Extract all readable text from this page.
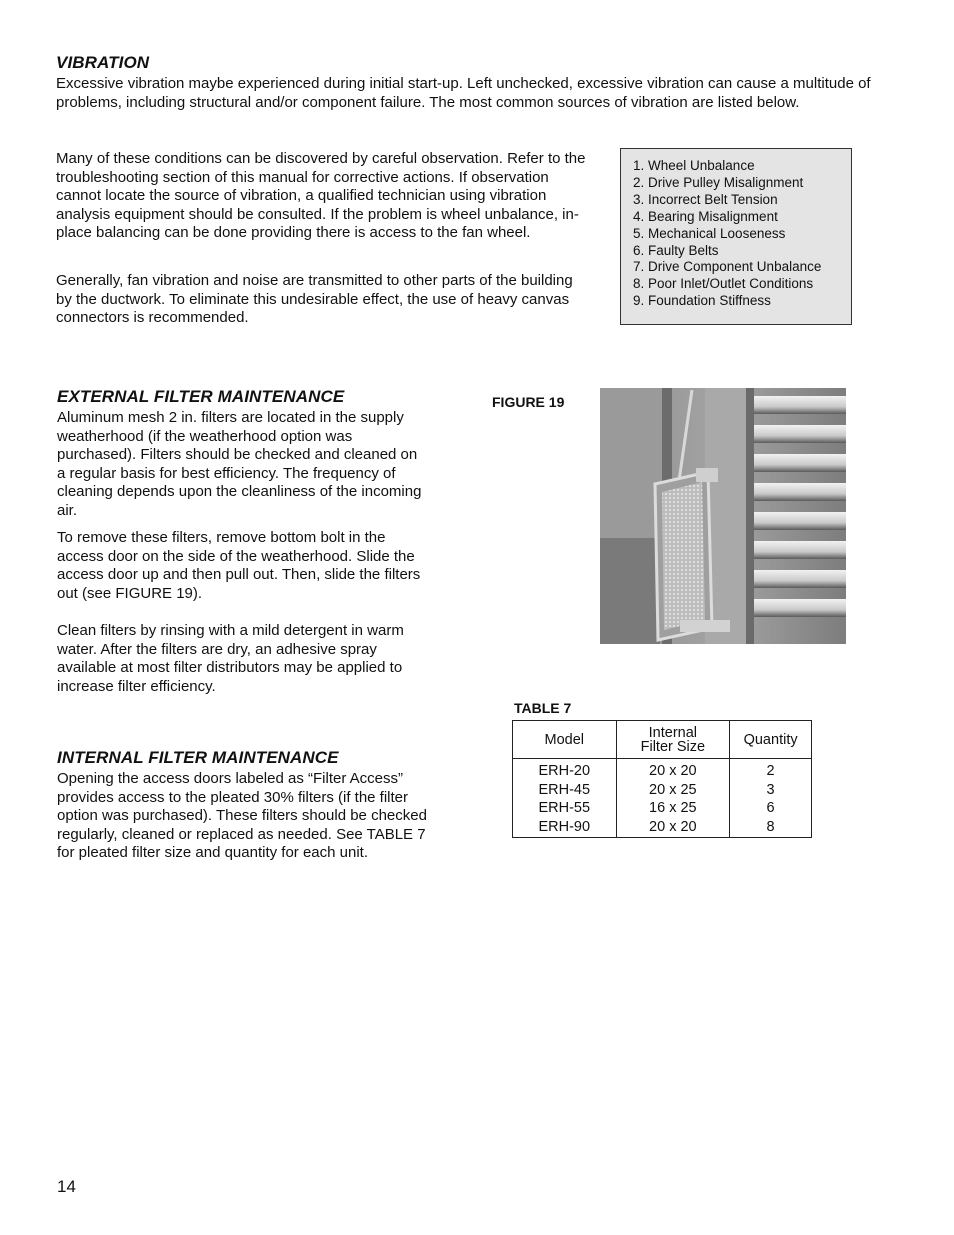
VIBRATION

Excessive vibration maybe experienced during initial start-up. Left unchecked, excessive vibration can cause a multitude of problems, including structural and/or component failure. The most common sources of vibration are listed below.

Many of these conditions can be discovered by careful observation. Refer to the troubleshooting section of this manual for corrective actions. If observation cannot locate the source of vibration, a qualified technician using vibration analysis equipment should be consulted. If the problem is wheel unbalance, in-place balancing can be done providing there is access to the fan wheel.

Generally, fan vibration and noise are transmitted to other parts of the building by the ductwork. To eliminate this undesirable effect, the use of heavy canvas connectors is recommended.

1. Wheel Unbalance
2. Drive Pulley Misalignment
3. Incorrect Belt Tension
4. Bearing Misalignment
5. Mechanical Looseness
6. Faulty Belts
7. Drive Component Unbalance
8. Poor Inlet/Outlet Conditions
9. Foundation Stiffness
EXTERNAL FILTER MAINTENANCE

Aluminum mesh 2 in. filters are located in the supply weatherhood (if the weatherhood option was purchased). Filters should be checked and cleaned on a regular basis for best efficiency. The frequency of cleaning depends upon the cleanliness of the incoming air.

To remove these filters, remove bottom bolt in the access door on the side of the weatherhood. Slide the access door up and then pull out. Then, slide the filters out (see FIGURE 19).

Clean filters by rinsing with a mild detergent in warm water. After the filters are dry, an adhesive spray available at most filter distributors may be applied to increase filter efficiency.

FIGURE 19
TABLE 7
Model	Internal Filter Size	Quantity
ERH-20	20 x 20	2
ERH-45	20 x 25	3
ERH-55	16 x 25	6
ERH-90	20 x 20	8
INTERNAL FILTER MAINTENANCE

Opening the access doors labeled as “Filter Access” provides access to the pleated 30% filters (if the filter option was purchased). These filters should be checked regularly, cleaned or replaced as needed. See TABLE 7 for pleated filter size and quantity for each unit.

14
